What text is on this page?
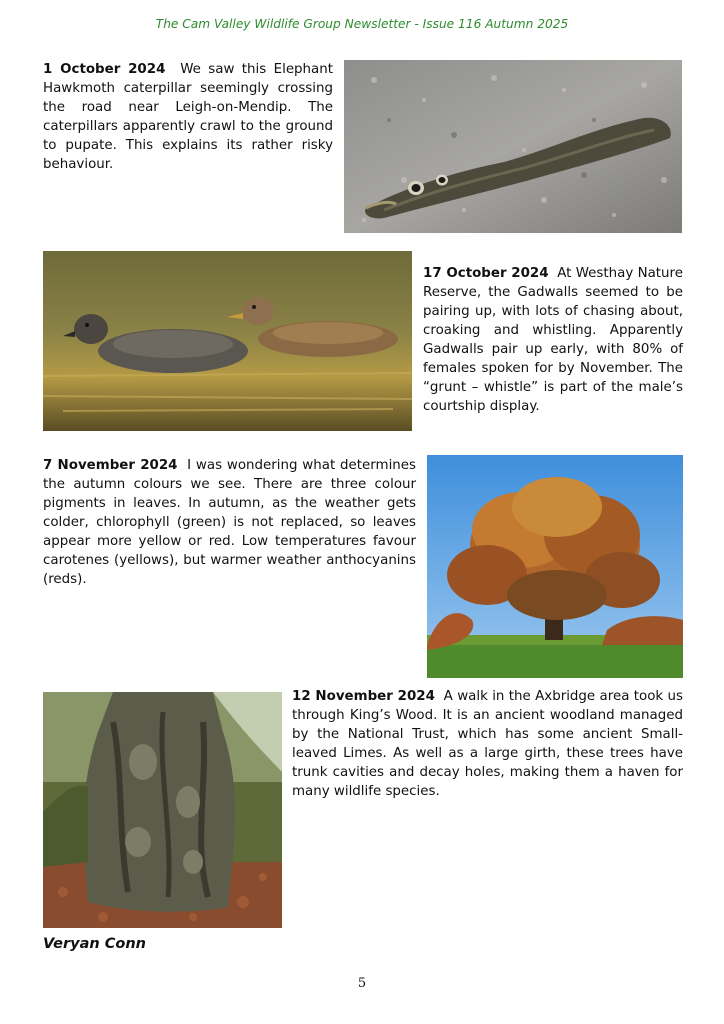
The Cam Valley Wildlife Group Newsletter - Issue 116 Autumn 2025

1 October 2024 We saw this Elephant Hawkmoth caterpillar seemingly crossing the road near Leigh-on-Mendip. The caterpillars apparently crawl to the ground to pupate. This explains its rather risky behaviour.

17 October 2024 At Westhay Nature Reserve, the Gadwalls seemed to be pairing up, with lots of chasing about, croaking and whistling. Apparently Gadwalls pair up early, with 80% of females spoken for by November. The “grunt – whistle” is part of the male’s courtship display.

7 November 2024 I was wondering what determines the autumn colours we see. There are three colour pigments in leaves. In autumn, as the weather gets colder, chlorophyll (green) is not replaced, so leaves appear more yellow or red. Low temperatures favour carotenes (yellows), but warmer weather anthocyanins (reds).

12 November 2024 A walk in the Axbridge area took us through King’s Wood. It is an ancient woodland managed by the National Trust, which has some ancient Small-leaved Limes. As well as a large girth, these trees have trunk cavities and decay holes, making them a haven for many wildlife species.

Veryan Conn
5
